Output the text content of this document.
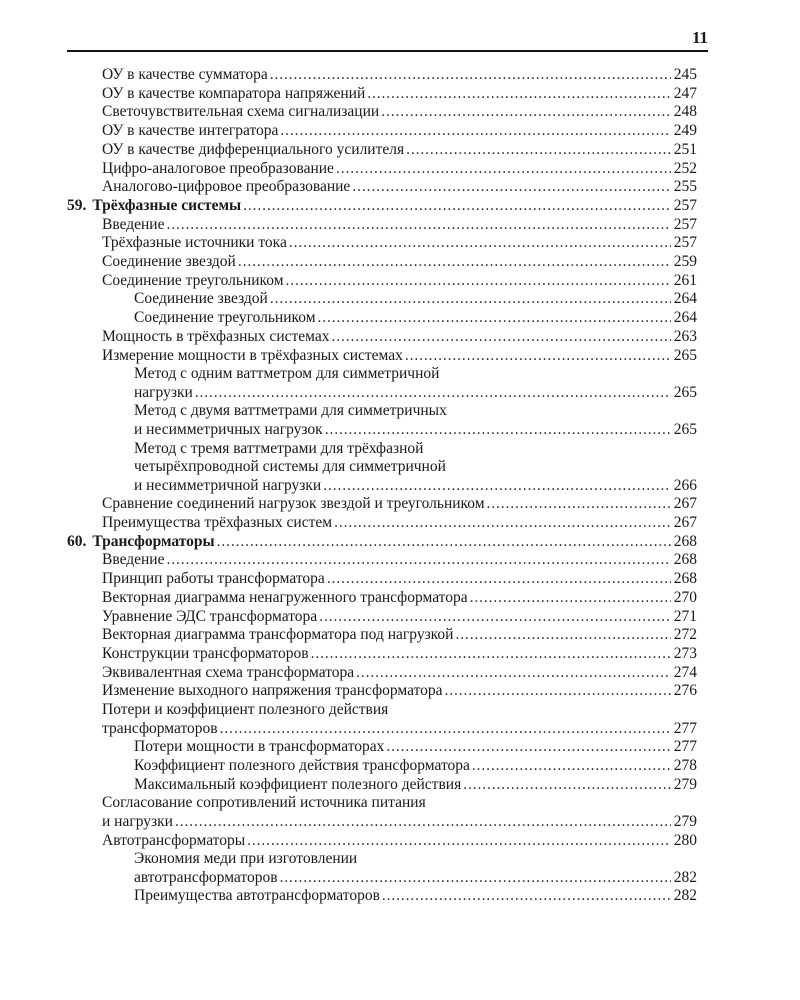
11
ОУ в качестве сумматора . . .	245
ОУ в качестве компаратора напряжений . . .	247
Светочувствительная схема сигнализации . . .	248
ОУ в качестве интегратора . . .	249
ОУ в качестве дифференциального усилителя . . .	251
Цифро-аналоговое преобразование . . .	252
Аналогово-цифровое преобразование . . .	255
59. Трёхфазные системы . . .	257
Введение . . .	257
Трёхфазные источники тока . . .	257
Соединение звездой . . .	259
Соединение треугольником . . .	261
Соединение звездой . . .	264
Соединение треугольником . . .	264
Мощность в трёхфазных системах . . .	263
Измерение мощности в трёхфазных системах . . .	265
Метод с одним ваттметром для симметричной
нагрузки . . .	265
Метод с двумя ваттметрами для симметричных
и несимметричных нагрузок . . .	265
Метод с тремя ваттметрами для трёхфазной
четырёхпроводной системы для симметричной
и несимметричной нагрузки . . .	266
Сравнение соединений нагрузок звездой и треугольником . . .	267
Преимущества трёхфазных систем . . .	267
60. Трансформаторы . . .	268
Введение . . .	268
Принцип работы трансформатора . . .	268
Векторная диаграмма ненагруженного трансформатора . . .	270
Уравнение ЭДС трансформатора . . .	271
Векторная диаграмма трансформатора под нагрузкой . . .	272
Конструкции трансформаторов . . .	273
Эквивалентная схема трансформатора . . .	274
Изменение выходного напряжения трансформатора . . .	276
Потери и коэффициент полезного действия
трансформаторов . . .	277
Потери мощности в трансформаторах . . .	277
Коэффициент полезного действия трансформатора . . .	278
Максимальный коэффициент полезного действия . . .	279
Согласование сопротивлений источника питания
и нагрузки . . .	279
Автотрансформаторы . . .	280
Экономия меди при изготовлении
автотрансформаторов . . .	282
Преимущества автотрансформаторов . . .	282
